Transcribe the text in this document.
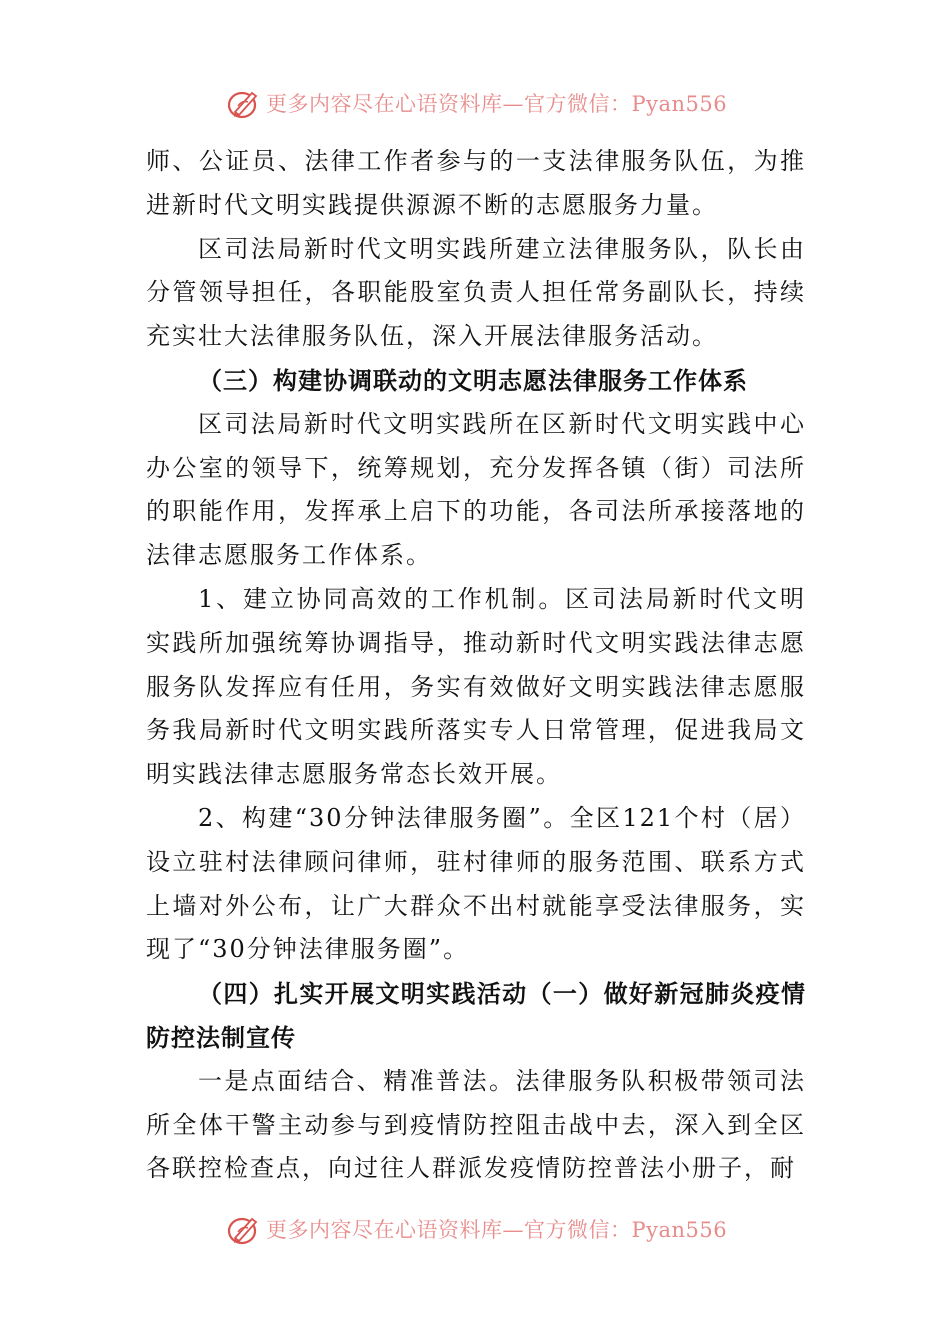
更多内容尽在心语资料库—官方微信：Pyan556

师、公证员、法律工作者参与的一支法律服务队伍，为推进新时代文明实践提供源源不断的志愿服务力量。

区司法局新时代文明实践所建立法律服务队，队长由分管领导担任，各职能股室负责人担任常务副队长，持续充实壮大法律服务队伍，深入开展法律服务活动。

（三）构建协调联动的文明志愿法律服务工作体系

区司法局新时代文明实践所在区新时代文明实践中心办公室的领导下，统筹规划，充分发挥各镇（街）司法所的职能作用，发挥承上启下的功能，各司法所承接落地的法律志愿服务工作体系。

1、建立协同高效的工作机制。区司法局新时代文明实践所加强统筹协调指导，推动新时代文明实践法律志愿服务队发挥应有任用，务实有效做好文明实践法律志愿服务我局新时代文明实践所落实专人日常管理，促进我局文明实践法律志愿服务常态长效开展。

2、构建“30分钟法律服务圈”。全区121个村（居）设立驻村法律顾问律师，驻村律师的服务范围、联系方式上墙对外公布，让广大群众不出村就能享受法律服务，实现了“30分钟法律服务圈”。

（四）扎实开展文明实践活动（一）做好新冠肺炎疫情防控法制宣传

一是点面结合、精准普法。法律服务队积极带领司法所全体干警主动参与到疫情防控阻击战中去，深入到全区各联控检查点，向过往人群派发疫情防控普法小册子，耐

更多内容尽在心语资料库—官方微信：Pyan556
